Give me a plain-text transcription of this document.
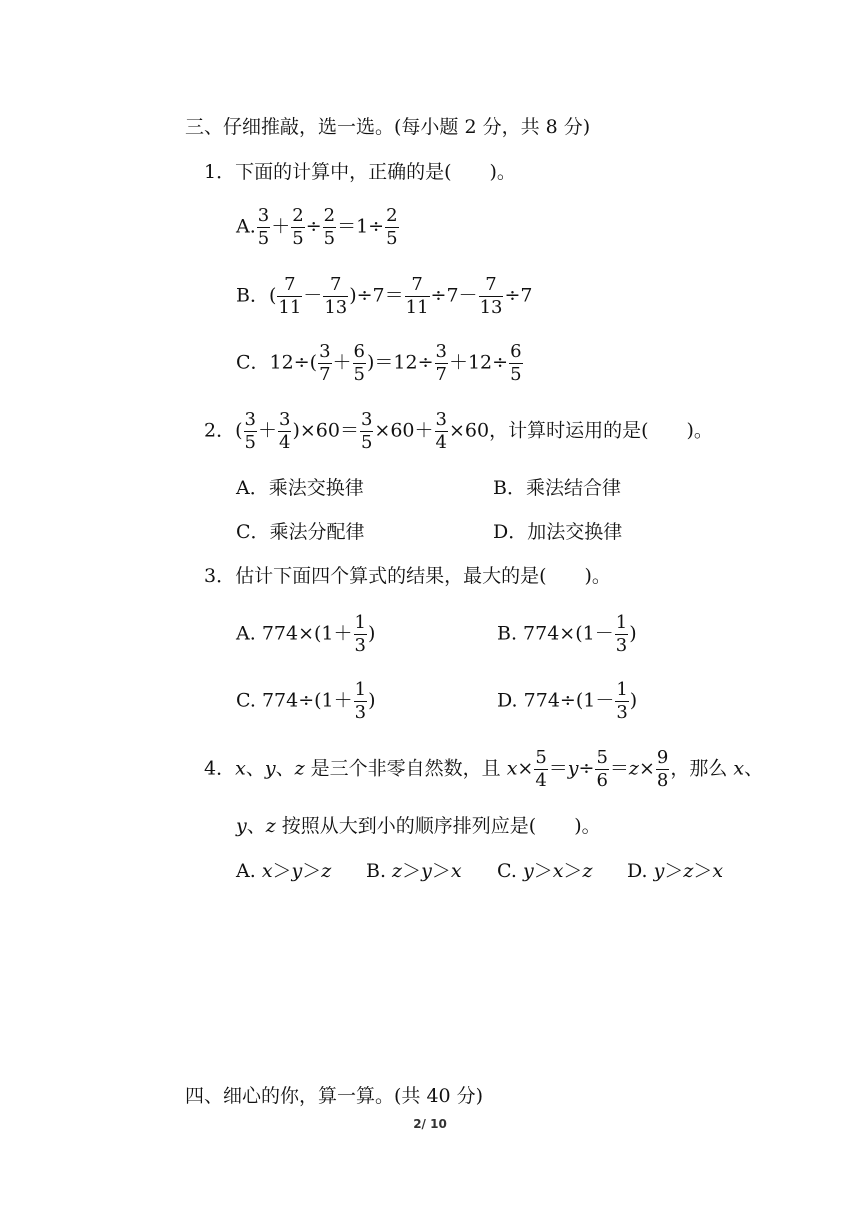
三、仔细推敲，选一选。(每小题 2 分，共 8 分)
1．下面的计算中，正确的是(　　)。
A. $\frac{3}{5} + \frac{2}{5} \div \frac{2}{5} =1\div \frac{2}{5}$
B．( $\frac{7}{11} - \frac{7}{13} )\div 7= \frac{7}{11} \div 7- \frac{7}{13} \div 7$
C．$12\div( \frac{3}{7} + \frac{6}{5} )=12\div \frac{3}{7} +12\div \frac{6}{5}$
2．( $\frac{3}{5} + \frac{3}{4} )\times 60= \frac{3}{5} \times 60+ \frac{3}{4} \times 60$，计算时运用的是(　　)。
A．乘法交换律	B．乘法结合律
C．乘法分配律	D．加法交换律
3．估计下面四个算式的结果，最大的是(　　)。
A. $774\times(1+ \frac{1}{3}$ )	B. $774\times(1- \frac{1}{3}$ )
C. $774\div(1+ \frac{1}{3}$ )	D. $774\div(1- \frac{1}{3}$ )
4．x、y、z 是三个非零自然数，且 $x\times \frac{5}{4} =y\div \frac{5}{6} =z\times \frac{9}{8}$ ，那么 x、
y、z 按照从大到小的顺序排列应是(　　)。
A. x＞y＞z B. z＞y＞x C. y＞x＞z D. y＞z＞x
四、细心的你，算一算。(共 40 分)
2/ 10
